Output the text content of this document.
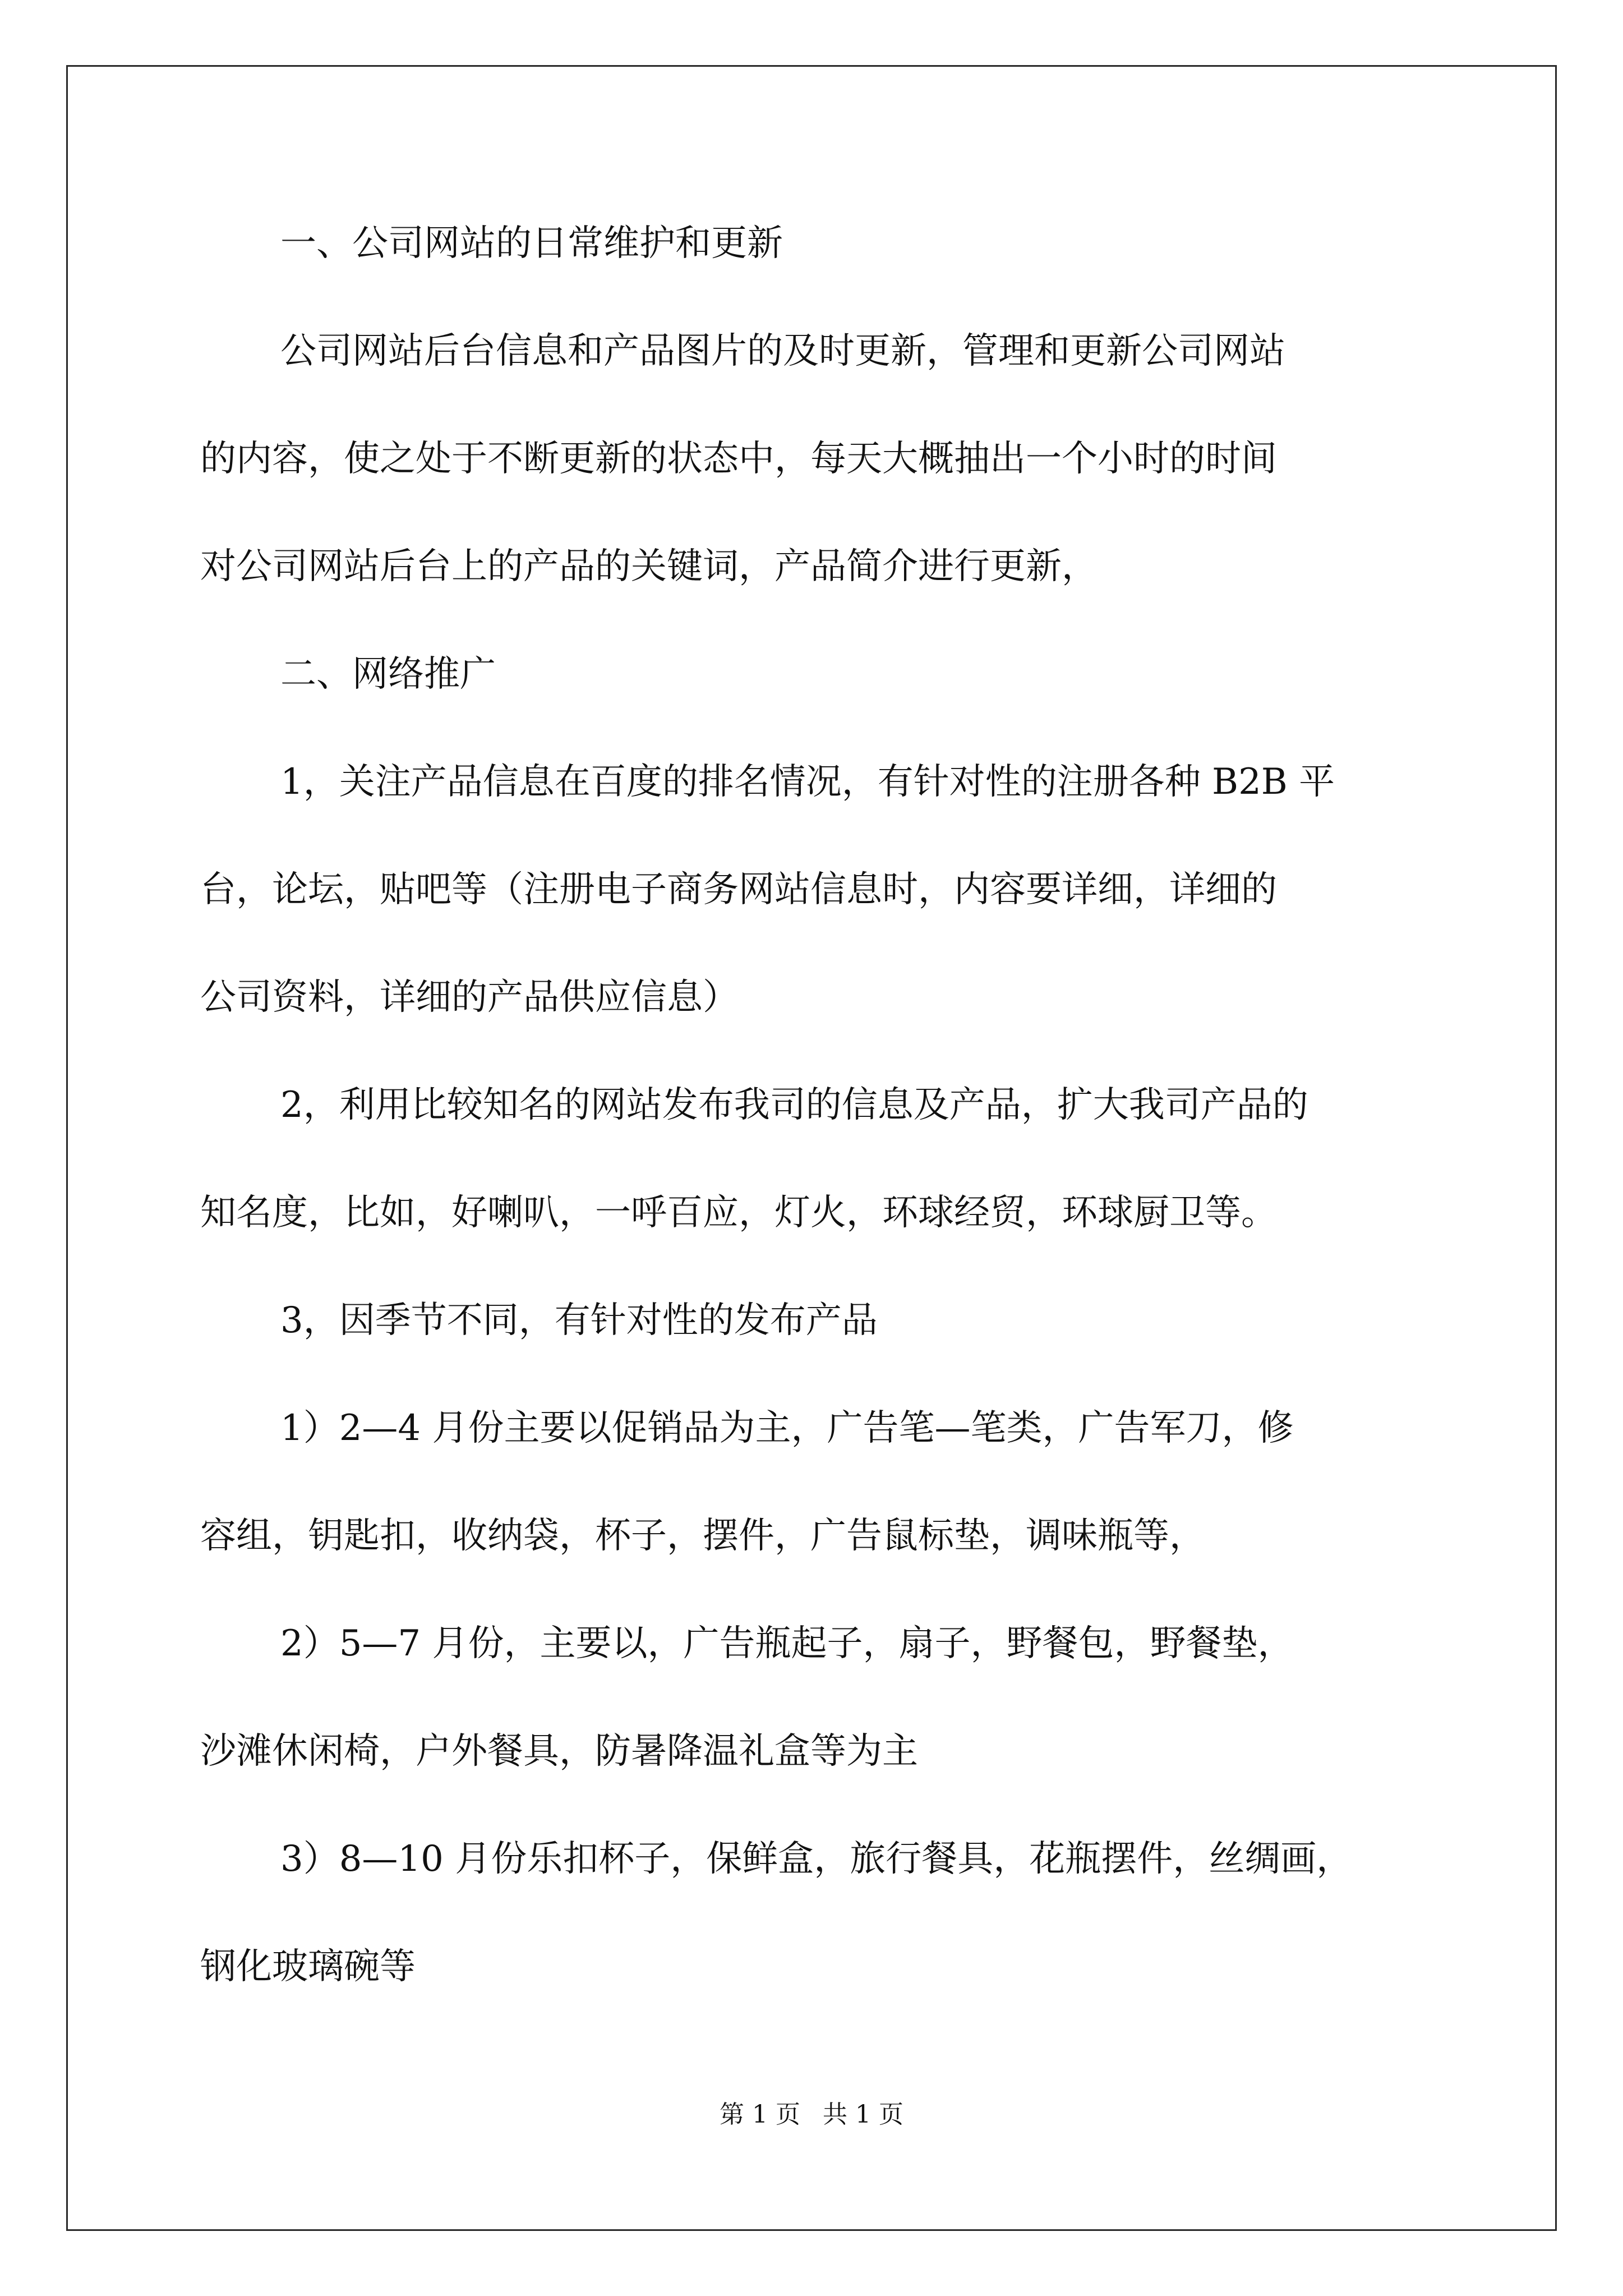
一、公司网站的日常维护和更新
公司网站后台信息和产品图片的及时更新，管理和更新公司网站
的内容，使之处于不断更新的状态中，每天大概抽出一个小时的时间
对公司网站后台上的产品的关键词，产品简介进行更新，
二、网络推广
1，关注产品信息在百度的排名情况，有针对性的注册各种 B2B 平
台，论坛，贴吧等（注册电子商务网站信息时，内容要详细，详细的
公司资料，详细的产品供应信息）
2，利用比较知名的网站发布我司的信息及产品，扩大我司产品的
知名度，比如，好喇叭，一呼百应，灯火，环球经贸，环球厨卫等。
3，因季节不同，有针对性的发布产品
1）2—4 月份主要以促销品为主，广告笔—笔类，广告军刀，修
容组，钥匙扣，收纳袋，杯子，摆件，广告鼠标垫，调味瓶等，
2）5—7 月份，主要以，广告瓶起子，扇子，野餐包，野餐垫，
沙滩休闲椅，户外餐具，防暑降温礼盒等为主
3）8—10 月份乐扣杯子，保鲜盒，旅行餐具，花瓶摆件，丝绸画，
钢化玻璃碗等
第 1 页 共 1 页
